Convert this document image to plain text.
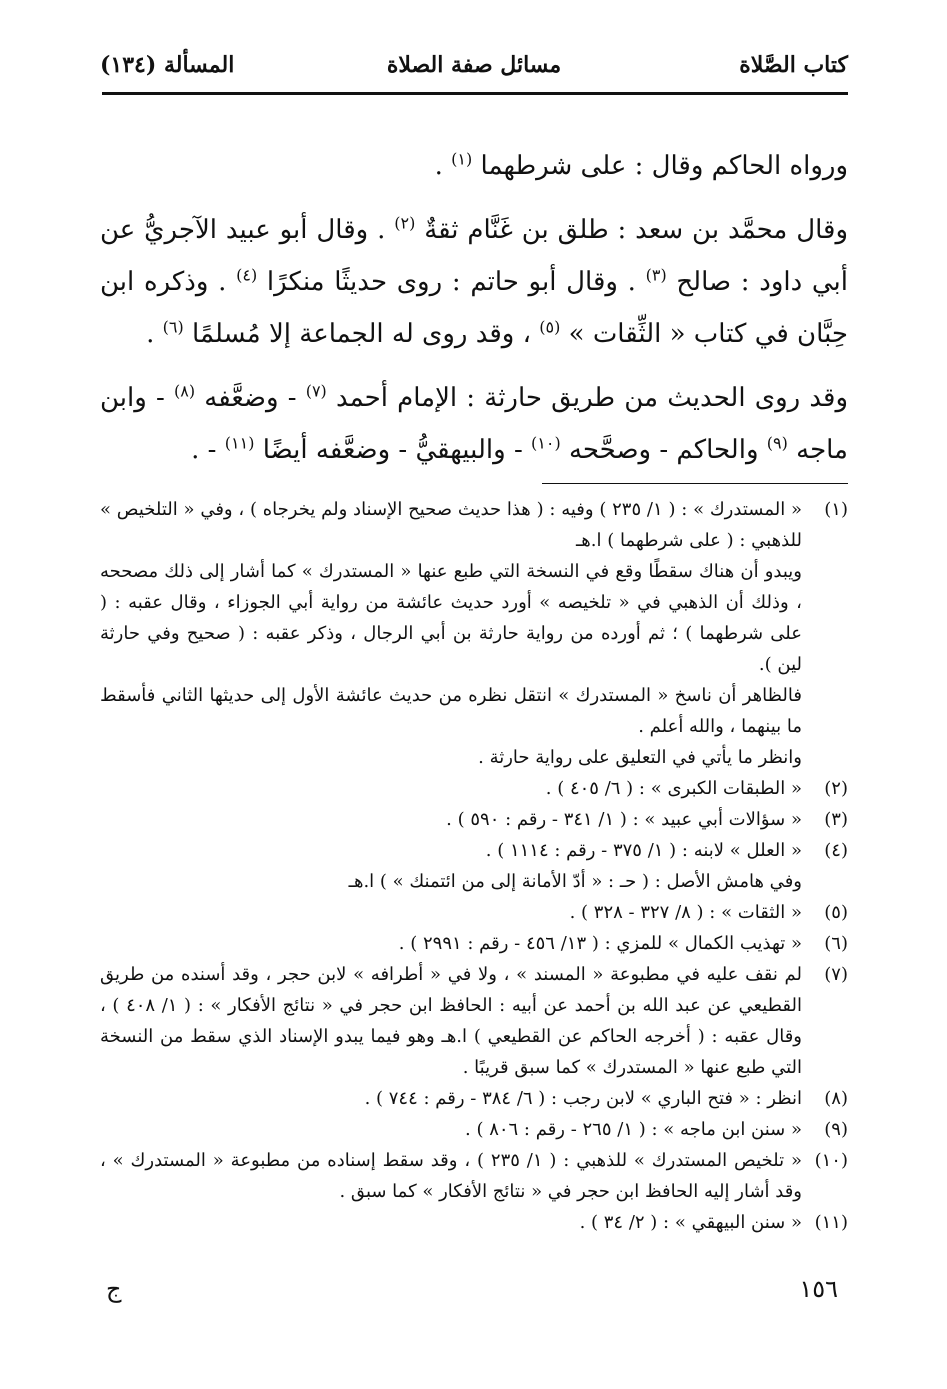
كتاب الصَّلاة
مسائل صفة الصلاة
المسألة (١٣٤)

ورواه الحاكم وقال : على شرطهما $^{(١)}$ .

وقال محمَّد بن سعد : طلق بن غَنَّام ثقةٌ $^{(٢)}$ . وقال أبو عبيد الآجريُّ عن أبي داود : صالح $^{(٣)}$ . وقال أبو حاتم : روى حديثًا منكرًا $^{(٤)}$ . وذكره ابن حِبَّان في كتاب « الثِّقات » $^{(٥)}$ ، وقد روى له الجماعة إلا مُسلمًا $^{(٦)}$ .

وقد روى الحديث من طريق حارثة : الإمام أحمد $^{(٧)}$ - وضعَّفه $^{(٨)}$ - وابن ماجه $^{(٩)}$ والحاكم - وصحَّحه $^{(١٠)}$ - والبيهقيُّ - وضعَّفه أيضًا $^{(١١)}$ - .

(١)
« المستدرك » : ( ١/ ٢٣٥ ) وفيه : ( هذا حديث صحيح الإسناد ولم يخرجاه ) ، وفي « التلخيص » للذهبي : ( على شرطهما ) ا.هـ
ويبدو أن هناك سقطًا وقع في النسخة التي طبع عنها « المستدرك » كما أشار إلى ذلك مصححه ، وذلك أن الذهبي في « تلخيصه » أورد حديث عائشة من رواية أبي الجوزاء ، وقال عقبه : ( على شرطهما ) ؛ ثم أورده من رواية حارثة بن أبي الرجال ، وذكر عقبه : ( صحيح وفي حارثة لين ).
فالظاهر أن ناسخ « المستدرك » انتقل نظره من حديث عائشة الأول إلى حديثها الثاني فأسقط ما بينهما ، والله أعلم .
وانظر ما يأتي في التعليق على رواية حارثة .
(٢)
« الطبقات الكبرى » : ( ٦/ ٤٠٥ ) .
(٣)
« سؤالات أبي عبيد » : ( ١/ ٣٤١ - رقم : ٥٩٠ ) .
(٤)
« العلل » لابنه : ( ١/ ٣٧٥ - رقم : ١١١٤ ) .
وفي هامش الأصل : ( حـ : « أدّ الأمانة إلى من ائتمنك » ) ا.هـ
(٥)
« الثقات » : ( ٨/ ٣٢٧ - ٣٢٨ ) .
(٦)
« تهذيب الكمال » للمزي : ( ١٣/ ٤٥٦ - رقم : ٢٩٩١ ) .
(٧)
لم نقف عليه في مطبوعة « المسند » ، ولا في « أطرافه » لابن حجر ، وقد أسنده من طريق القطيعي عن عبد الله بن أحمد عن أبيه : الحافظ ابن حجر في « نتائج الأفكار » : ( ١/ ٤٠٨ ) ، وقال عقبه : ( أخرجه الحاكم عن القطيعي ) ا.هـ وهو فيما يبدو الإسناد الذي سقط من النسخة التي طبع عنها « المستدرك » كما سبق قريبًا .
(٨)
انظر : « فتح الباري » لابن رجب : ( ٦/ ٣٨٤ - رقم : ٧٤٤ ) .
(٩)
« سنن ابن ماجه » : ( ١/ ٢٦٥ - رقم : ٨٠٦ ) .
(١٠)
« تلخيص المستدرك » للذهبي : ( ١/ ٢٣٥ ) ، وقد سقط إسناده من مطبوعة « المستدرك » ، وقد أشار إليه الحافظ ابن حجر في « نتائج الأفكار » كما سبق .
(١١)
« سنن البيهقي » : ( ٢/ ٣٤ ) .
١٥٦
ج
